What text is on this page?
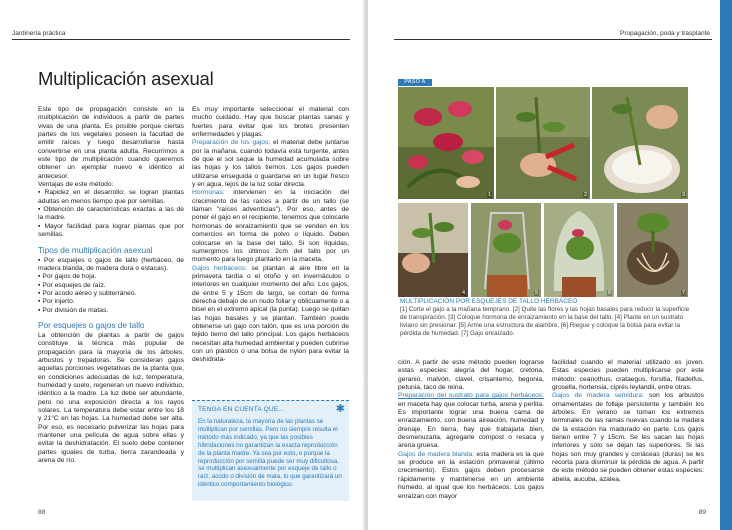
Jardinería práctica
Multiplicación asexual

Este tipo de propagación consiste en la multiplicación de individuos a partir de partes vivas de una planta. Es posible porque ciertas partes de los vegetales poseen la facultad de emitir raíces y luego desarrollarse hasta convertirse en una planta adulta. Recurrimos a este tipo de multiplicación cuando queremos obtener un ejemplar nuevo e idéntico al antecesor.

Ventajas de este método:

▪ Rapidez en el desarrollo: se logran plantas adultas en menos tiempo que por semillas.

▪ Obtención de características exactas a las de la madre.

▪ Mayor facilidad para lograr plantas que por semillas.

Tipos de multiplicación asexual

▪ Por esquejes o gajos de tallo (herbáceo, de madera blanda, de madera dura o estacas).

▪ Por gajos de hoja.

▪ Por esquejes de raíz.

▪ Por acodo aéreo y subterráneo.

▪ Por injerto.

▪ Por división de matas.

Por esquejes o gajos de tallo

La obtención de plantas a partir de gajos constituye la técnica más popular de propagación para la mayoría de los árboles, arbustos y trepadoras. Se consideran gajos aquellas porciones vegetativas de la planta que, en condiciones adecuadas de luz, temperatura, humedad y suelo, regeneran un nuevo individuo, idéntico a la madre. La luz debe ser abundante, pero no una exposición directa a los rayos solares. La temperatura debe estar entre los 18 y 21°C en las hojas. La humedad debe ser alta. Por eso, es necesario pulverizar las hojas para mantener una película de agua sobre ellas y evitar la deshidratación. El suelo debe contener partes iguales de turba, tierra zarandeada y arena de río.

Es muy importante seleccionar el material con mucho cuidado. Hay que buscar plantas sanas y fuertes para evitar que los brotes presenten enfermedades y plagas.

Preparación de los gajos: el material debe juntarse por la mañana, cuando todavía está turgente, antes de que el sol seque la humedad acumulada sobre las hojas y los tallos tiernos. Los gajos pueden utilizarse enseguida o guardarse en un lugar fresco y en agua, lejos de la luz solar directa.

Hormonas: intervienen en la iniciación del crecimiento de las raíces a partir de un tallo (se llaman "raíces adventicias"). Por eso, antes de poner el gajo en el recipiente, tenemos que colocarle hormonas de enraizamiento que se venden en los comercios en forma de polvo o líquido. Deben colocarse en la base del tallo. Si son líquidas, sumergimos los últimos 2cm del tallo por un momento para luego plantarlo en la maceta.

Gajos herbáceos: se plantan al aire libre en la primavera tardía o el otoño y en invernáculos o interiores en cualquier momento del año. Los gajos, de entre 5 y 15cm de largo, se cortan de forma derecha debajo de un nudo foliar y oblicuamente o a bisel en el extremo apical (la punta). Luego se quitan las hojas basales y se plantan. También puede obtenerse un gajo con talón, que es una porción de tejido tierno del tallo principal. Los gajos herbáceos necesitan alta humedad ambiental y pueden cubrirse con un plástico o una bolsa de nylon para evitar la deshidrata-

TENGA EN CUENTA QUE...	✱
En la naturaleza, la mayoría de las plantas se multiplican por semillas. Pero no siempre resulta el método más indicado, ya que las posibles hibridaciones no garantizan la exacta reproducción de la planta madre. Ya sea por esto, o porque la reproducción por semilla puede ser muy dificultosa, se multiplican asexualmente por esqueje de tallo o raíz, acodo o división de mata, lo que garantizará un idéntico comportamiento biológico.
88
Propagación, poda y trasplante
PASO A
1	2	3
4	5	6	7
MULTIPLICACIÓN POR ESQUEJES DE TALLO HERBÁCEO
[1] Corte el gajo a la mañana temprano. [2] Quite las flores y las hojas basales para reducir la superficie de transpiración. [3] Coloque hormona de enraizamiento en la base del tallo. [4] Plante en un sustrato liviano sin presionar. [5] Arme una estructura de alambre. [6] Riegue y coloque la bolsa para evitar la pérdida de humedad. [7] Gajo enraizado.

ción. A partir de este método pueden lograrse estas especies: alegría del hogar, cretona, geranio, malvón, clavel, crisantemo, begonia, petunia, taco de reina.

Preparación del sustrato para gajos herbáceos: en maceta hay que colocar turba, arena y perlita. Es importante lograr una buena cama de enraizamiento, con buena aireación, humedad y drenaje. En tierra, hay que trabajarla bien, desmenuzarla, agregarle compost o resaca y arena gruesa.

Gajos de madera blanda: esta madera es la que se produce en la estación primaveral (último crecimiento). Estos gajos deben procesarse rápidamente y mantenerse en un ambiente húmedo, al igual que los herbáceos. Los gajos enraízan con mayor

facilidad cuando el material utilizado es joven. Estas especies pueden multiplicarse por este método: ceanothus, crataegus, forsitia, filadelfus, grosella, hortensia, ciprés leylandii, entre otras.

Gajos de madera semidura: son los arbustos ornamentales de follaje persistente y también los árboles. En verano se toman los extremos terminales de las ramas nuevas cuando la madera de la estación ha madurado en parte. Los gajos tienen entre 7 y 15cm. Se les sacan las hojas inferiores y sólo se dejan las superiores. Si las hojas son muy grandes y coriáceas (duras) se les recorta para disminuir la pérdida de agua. A partir de este método se pueden obtener estas especies: abelia, aucuba, azalea,

89
